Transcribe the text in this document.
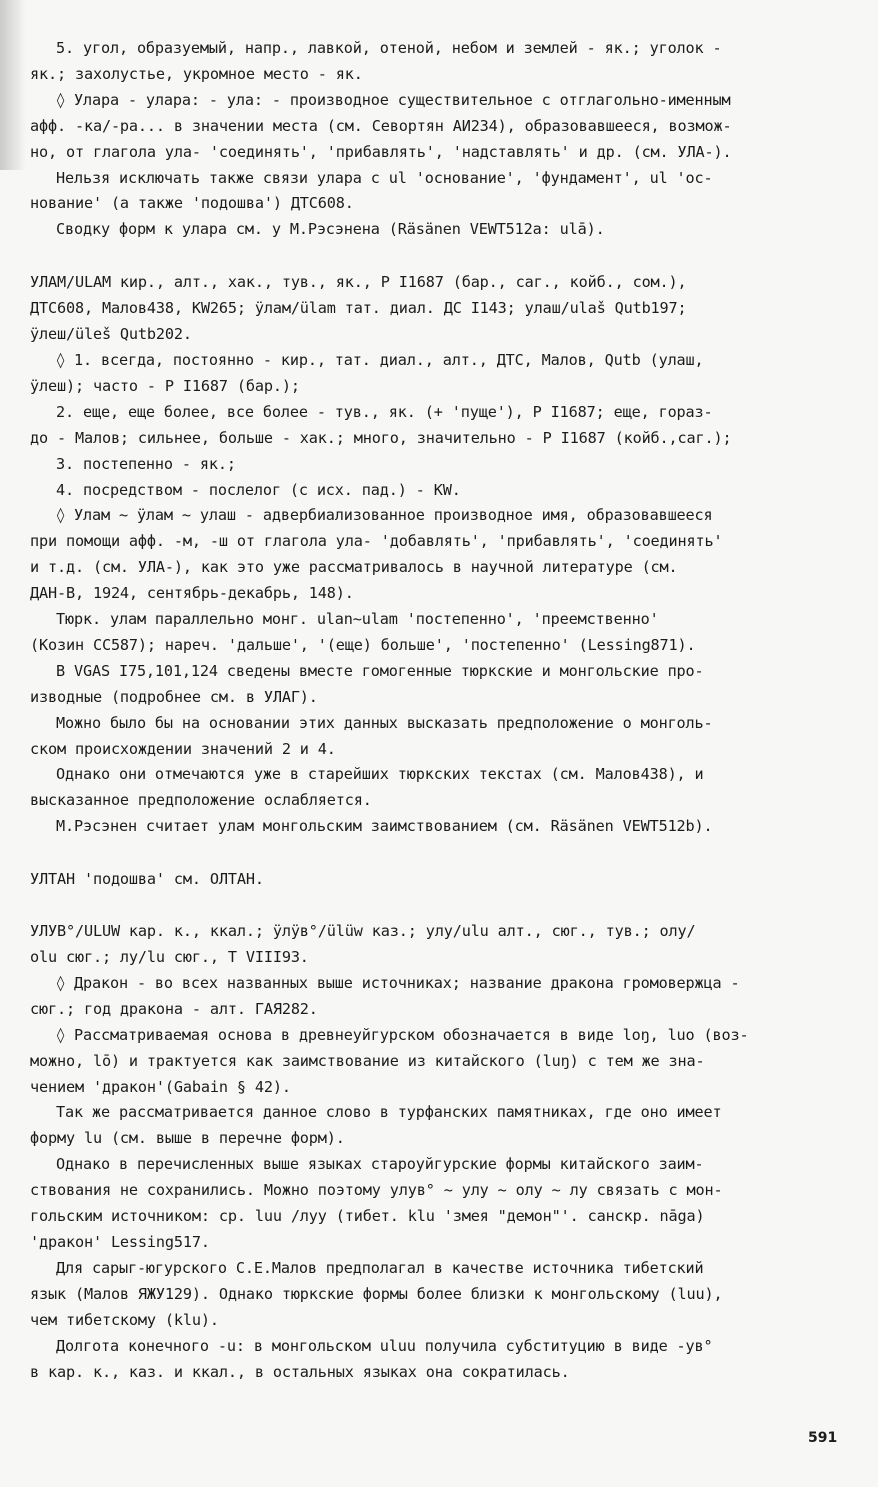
5. угол, образуемый, напр., лавкой, отеной, небом и землей - як.; уголок -
як.; захолустье, укромное место - як.
◊ Улара - улара: - ула: - производное существительное с отглагольно-именным
афф. -ка/-ра... в значении места (см. Севортян АИ234), образовавшееся, возмож-
но, от глагола ула- 'соединять', 'прибавлять', 'надставлять' и др. (см. УЛА-).
Нельзя исключать также связи улара с ul 'основание', 'фундамент', ul 'ос-
нование' (а также 'подошва') ДТС608.
Сводку форм к улара см. у М.Рэсэнена (Räsänen VEWT512a: ulā).
УЛАМ/ULAM кир., алт., хак., тув., як., Р I1687 (бар., саг., койб., сом.),
ДТС608, Малов438, KW265; ӱлам/ülam тат. диал. ДС I143; улаш/ulaš Qutb197;
ӱлеш/üleš Qutb202.
◊ 1. всегда, постоянно - кир., тат. диал., алт., ДТС, Малов, Qutb (улаш,
ӱлеш); часто - Р I1687 (бар.);
2. еще, еще более, все более - тув., як. (+ 'пуще'), Р I1687; еще, гораз-
до - Малов; сильнее, больше - хак.; много, значительно - Р I1687 (койб.,саг.);
3. постепенно - як.;
4. посредством - послелог (с исх. пад.) - KW.
◊ Улам ~ ӱлам ~ улаш - адвербиализованное производное имя, образовавшееся
при помощи афф. -м, -ш от глагола ула- 'добавлять', 'прибавлять', 'соединять'
и т.д. (см. УЛА-), как это уже рассматривалось в научной литературе (см.
ДАН-В, 1924, сентябрь-декабрь, 148).
Тюрк. улам параллельно монг. ulan~ulam 'постепенно', 'преемственно'
(Козин СС587); нареч. 'дальше', '(еще) больше', 'постепенно' (Lessing871).
В VGAS I75,101,124 сведены вместе гомогенные тюркские и монгольские про-
изводные (подробнее см. в УЛАГ).
Можно было бы на основании этих данных высказать предположение о монголь-
ском происхождении значений 2 и 4.
Однако они отмечаются уже в старейших тюркских текстах (см. Малов438), и
высказанное предположение ослабляется.
М.Рэсэнен считает улам монгольским заимствованием (см. Räsänen VEWT512b).
УЛТАН 'подошва' см. ОЛТАН.
УЛУВ°/ULUW кар. к., ккал.; ӱлӱв°/ülüw каз.; улу/ulu алт., сюг., тув.; олу/
olu сюг.; лу/lu сюг., Т VIII93.
◊ Дракон - во всех названных выше источниках; название дракона громовержца -
сюг.; год дракона - алт. ГАЯ282.
◊ Рассматриваемая основа в древнеуйгурском обозначается в виде loŋ, luo (воз-
можно, lō) и трактуется как заимствование из китайского (luŋ) с тем же зна-
чением 'дракон'(Gabain § 42).
Так же рассматривается данное слово в турфанских памятниках, где оно имеет
форму lu (см. выше в перечне форм).
Однако в перечисленных выше языках староуйгурские формы китайского заим-
ствования не сохранились. Можно поэтому улув° ~ улу ~ олу ~ лу связать с мон-
гольским источником: ср. luu /луу (тибет. klu 'змея "демон"'. санскр. nāga)
'дракон' Lessing517.
Для сарыг-югурского С.Е.Малов предполагал в качестве источника тибетский
язык (Малов ЯЖУ129). Однако тюркские формы более близки к монгольскому (luu),
чем тибетскому (klu).
Долгота конечного -u: в монгольском uluu получила субституцию в виде -ув°
в кар. к., каз. и ккал., в остальных языках она сократилась.
591
